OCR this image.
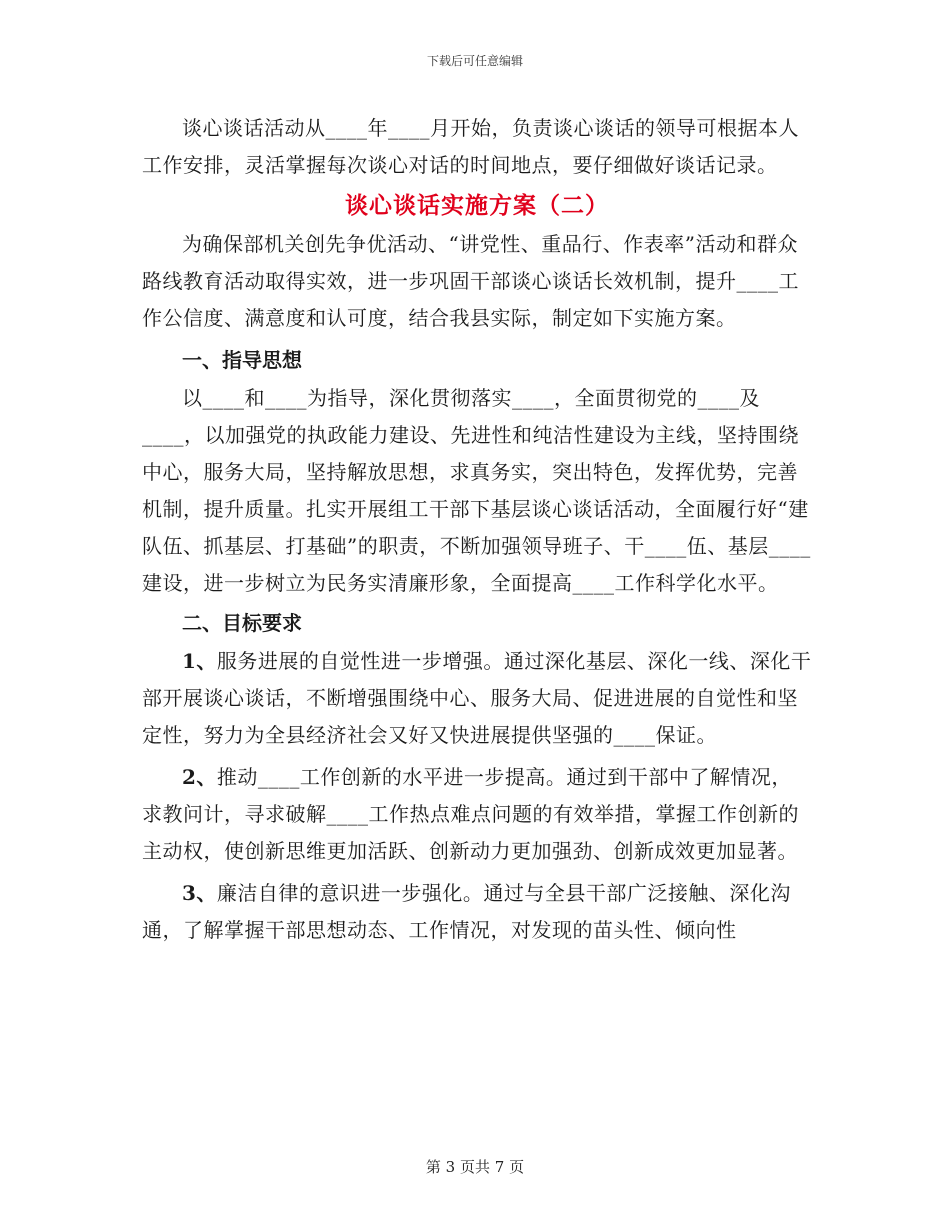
下载后可任意编辑

谈心谈话活动从____年____月开始，负责谈心谈话的领导可根据本人工作安排，灵活掌握每次谈心对话的时间地点，要仔细做好谈话记录。

谈心谈话实施方案（二）

为确保部机关创先争优活动、“讲党性、重品行、作表率”活动和群众路线教育活动取得实效，进一步巩固干部谈心谈话长效机制，提升____工作公信度、满意度和认可度，结合我县实际，制定如下实施方案。

一、指导思想

以____和____为指导，深化贯彻落实____，全面贯彻党的____及____，以加强党的执政能力建设、先进性和纯洁性建设为主线，坚持围绕中心，服务大局，坚持解放思想，求真务实，突出特色，发挥优势，完善机制，提升质量。扎实开展组工干部下基层谈心谈话活动，全面履行好“建队伍、抓基层、打基础”的职责，不断加强领导班子、干____伍、基层____建设，进一步树立为民务实清廉形象，全面提高____工作科学化水平。

二、目标要求

1、服务进展的自觉性进一步增强。通过深化基层、深化一线、深化干部开展谈心谈话，不断增强围绕中心、服务大局、促进进展的自觉性和坚定性，努力为全县经济社会又好又快进展提供坚强的____保证。

2、推动____工作创新的水平进一步提高。通过到干部中了解情况，求教问计，寻求破解____工作热点难点问题的有效举措，掌握工作创新的主动权，使创新思维更加活跃、创新动力更加强劲、创新成效更加显著。

3、廉洁自律的意识进一步强化。通过与全县干部广泛接触、深化沟通，了解掌握干部思想动态、工作情况，对发现的苗头性、倾向性

第 3 页共 7 页
